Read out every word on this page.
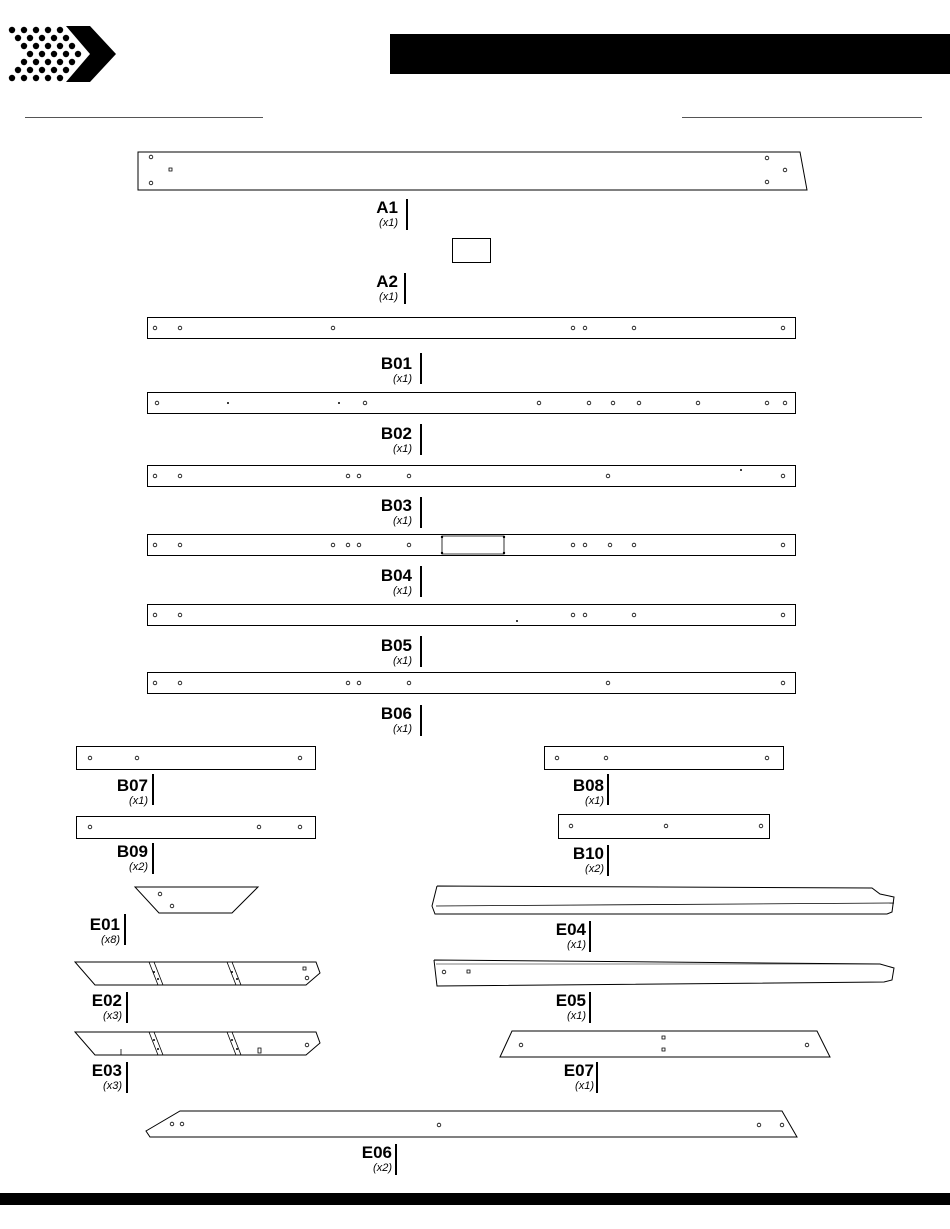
A1
(x1)
A2
(x1)
B01
(x1)
B02
(x1)
B03
(x1)
B04
(x1)
B05
(x1)
B06
(x1)
B07
(x1)
B08
(x1)
B09
(x2)
B10
(x2)
E01
(x8)
E04
(x1)
E02
(x3)
E05
(x1)
E03
(x3)
E07
(x1)
E06
(x2)
